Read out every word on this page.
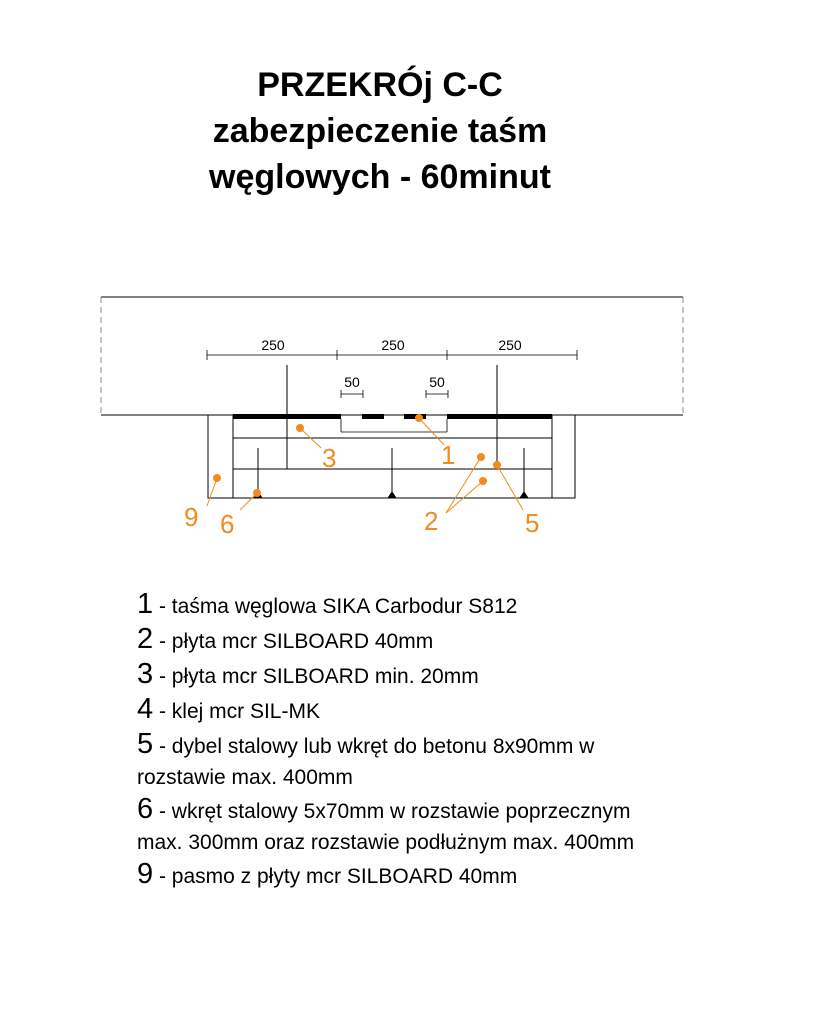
PRZEKRÓj C-C
zabezpieczenie taśm
węglowych - 60minut
250	250	250
50	50
1
3
2	5
6
9
1 - taśma węglowa SIKA Carbodur S812
2 - płyta mcr SILBOARD 40mm
3 - płyta mcr SILBOARD min. 20mm
4 - klej mcr SIL-MK
5 - dybel stalowy lub wkręt do betonu 8x90mm w
rozstawie max. 400mm
6 - wkręt stalowy 5x70mm w rozstawie poprzecznym
max. 300mm oraz rozstawie podłużnym max. 400mm
9 - pasmo z płyty mcr SILBOARD 40mm
